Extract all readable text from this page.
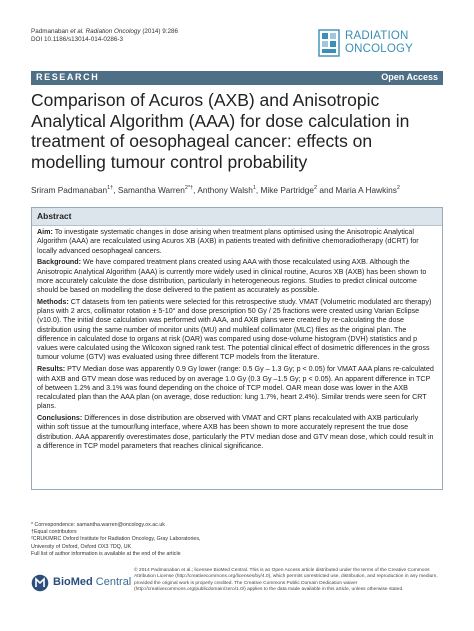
Padmanaban et al. Radiation Oncology (2014) 9:286
DOI 10.1186/s13014-014-0286-3	RADIATION
ONCOLOGY
RESEARCH	Open Access
Comparison of Acuros (AXB) and Anisotropic Analytical Algorithm (AAA) for dose calculation in treatment of oesophageal cancer: effects on modelling tumour control probability
Sriram Padmanaban$^{1\dagger}$, Samantha Warren$^{2*\dagger}$, Anthony Walsh$^1$, Mike Partridge$^2$ and Maria A Hawkins$^2$
Abstract

Aim: To investigate systematic changes in dose arising when treatment plans optimised using the Anisotropic Analytical Algorithm (AAA) are recalculated using Acuros XB (AXB) in patients treated with definitive chemoradiotherapy (dCRT) for locally advanced oesophageal cancers.

Background: We have compared treatment plans created using AAA with those recalculated using AXB. Although the Anisotropic Analytical Algorithm (AAA) is currently more widely used in clinical routine, Acuros XB (AXB) has been shown to more accurately calculate the dose distribution, particularly in heterogeneous regions. Studies to predict clinical outcome should be based on modelling the dose delivered to the patient as accurately as possible.

Methods: CT datasets from ten patients were selected for this retrospective study. VMAT (Volumetric modulated arc therapy) plans with 2 arcs, collimator rotation ± 5-10° and dose prescription 50 Gy / 25 fractions were created using Varian Eclipse (v10.0). The initial dose calculation was performed with AAA, and AXB plans were created by re-calculating the dose distribution using the same number of monitor units (MU) and multileaf collimator (MLC) files as the original plan. The difference in calculated dose to organs at risk (OAR) was compared using dose-volume histogram (DVH) statistics and p values were calculated using the Wilcoxon signed rank test. The potential clinical effect of dosimetric differences in the gross tumour volume (GTV) was evaluated using three different TCP models from the literature.

Results: PTV Median dose was apparently 0.9 Gy lower (range: 0.5 Gy – 1.3 Gy; p < 0.05) for VMAT AAA plans re-calculated with AXB and GTV mean dose was reduced by on average 1.0 Gy (0.3 Gy –1.5 Gy; p < 0.05). An apparent difference in TCP of between 1.2% and 3.1% was found depending on the choice of TCP model. OAR mean dose was lower in the AXB recalculated plan than the AAA plan (on average, dose reduction: lung 1.7%, heart 2.4%). Similar trends were seen for CRT plans.

Conclusions: Differences in dose distribution are observed with VMAT and CRT plans recalculated with AXB particularly within soft tissue at the tumour/lung interface, where AXB has been shown to more accurately represent the true dose distribution. AAA apparently overestimates dose, particularly the PTV median dose and GTV mean dose, which could result in a difference in TCP model parameters that reaches clinical significance.

* Correspondence: samantha.warren@oncology.ox.ac.uk
†Equal contributors
²CRUK/MRC Oxford Institute for Radiation Oncology, Gray Laboratories,
University of Oxford, Oxford OX3 7DQ, UK
Full list of author information is available at the end of the article
BioMed Central
© 2014 Padmanaban et al.; licensee BioMed Central. This is an Open Access article distributed under the terms of the Creative Commons Attribution License (http://creativecommons.org/licenses/by/4.0), which permits unrestricted use, distribution, and reproduction in any medium, provided the original work is properly credited. The Creative Commons Public Domain Dedication waiver (http://creativecommons.org/publicdomain/zero/1.0/) applies to the data made available in this article, unless otherwise stated.
